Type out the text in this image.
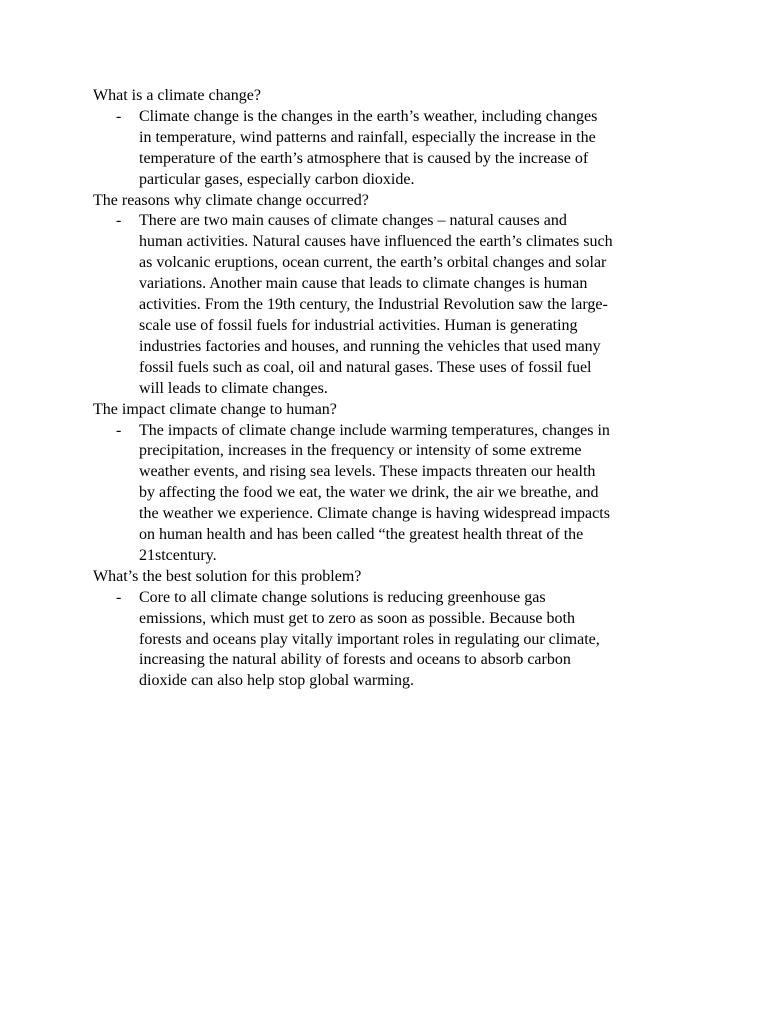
What is a climate change?

- Climate change is the changes in the earth’s weather, including changes
in temperature, wind patterns and rainfall, especially the increase in the
temperature of the earth’s atmosphere that is caused by the increase of
particular gases, especially carbon dioxide.

The reasons why climate change occurred?

- There are two main causes of climate changes – natural causes and
human activities. Natural causes have influenced the earth’s climates such
as volcanic eruptions, ocean current, the earth’s orbital changes and solar
variations. Another main cause that leads to climate changes is human
activities. From the 19th century, the Industrial Revolution saw the large-
scale use of fossil fuels for industrial activities. Human is generating
industries factories and houses, and running the vehicles that used many
fossil fuels such as coal, oil and natural gases. These uses of fossil fuel
will leads to climate changes.

The impact climate change to human?

- The impacts of climate change include warming temperatures, changes in
precipitation, increases in the frequency or intensity of some extreme
weather events, and rising sea levels. These impacts threaten our health
by affecting the food we eat, the water we drink, the air we breathe, and
the weather we experience. Climate change is having widespread impacts
on human health and has been called “the greatest health threat of the
21stcentury.

What’s the best solution for this problem?

- Core to all climate change solutions is reducing greenhouse gas
emissions, which must get to zero as soon as possible. Because both
forests and oceans play vitally important roles in regulating our climate,
increasing the natural ability of forests and oceans to absorb carbon
dioxide can also help stop global warming.
